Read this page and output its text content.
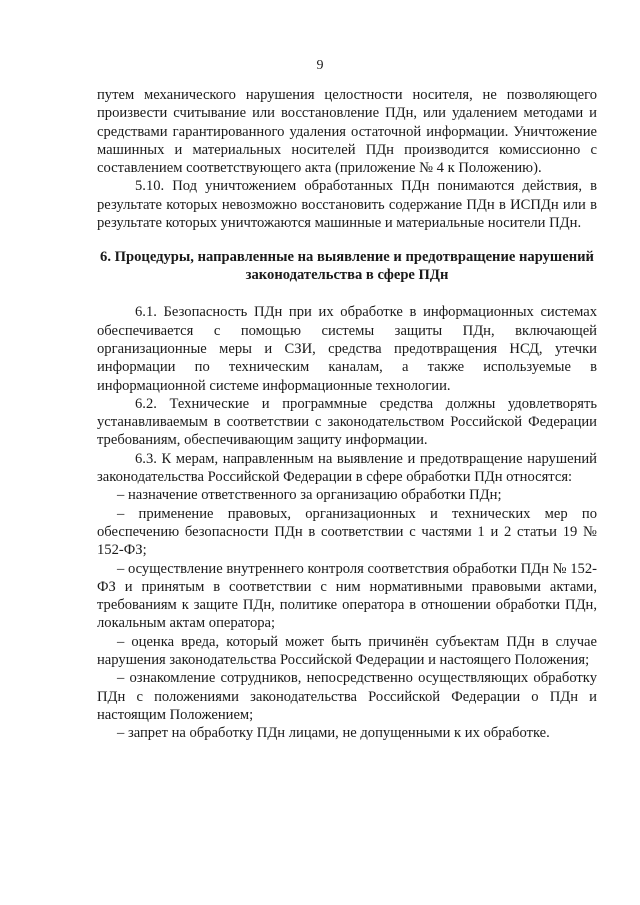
9

путем механического нарушения целостности носителя, не позволяющего произвести считывание или восстановление ПДн, или удалением методами и средствами гарантированного удаления остаточной информации. Уничтожение машинных и материальных носителей ПДн производится комиссионно с составлением соответствующего акта (приложение № 4 к Положению).

5.10. Под уничтожением обработанных ПДн понимаются действия, в результате которых невозможно восстановить содержание ПДн в ИСПДн или в результате которых уничтожаются машинные и материальные носители ПДн.

6. Процедуры, направленные на выявление и предотвращение нарушений законодательства в сфере ПДн

6.1. Безопасность ПДн при их обработке в информационных системах обеспечивается с помощью системы защиты ПДн, включающей организационные меры и СЗИ, средства предотвращения НСД, утечки информации по техническим каналам, а также используемые в информационной системе информационные технологии.

6.2. Технические и программные средства должны удовлетворять устанавливаемым в соответствии с законодательством Российской Федерации требованиям, обеспечивающим защиту информации.

6.3. К мерам, направленным на выявление и предотвращение нарушений законодательства Российской Федерации в сфере обработки ПДн относятся:

– назначение ответственного за организацию обработки ПДн;

– применение правовых, организационных и технических мер по обеспечению безопасности ПДн в соответствии с частями 1 и 2 статьи 19 № 152-ФЗ;

– осуществление внутреннего контроля соответствия обработки ПДн № 152-ФЗ и принятым в соответствии с ним нормативными правовыми актами, требованиям к защите ПДн, политике оператора в отношении обработки ПДн, локальным актам оператора;

– оценка вреда, который может быть причинён субъектам ПДн в случае нарушения законодательства Российской Федерации и настоящего Положения;

– ознакомление сотрудников, непосредственно осуществляющих обработку ПДн с положениями законодательства Российской Федерации о ПДн и настоящим Положением;

– запрет на обработку ПДн лицами, не допущенными к их обработке.
